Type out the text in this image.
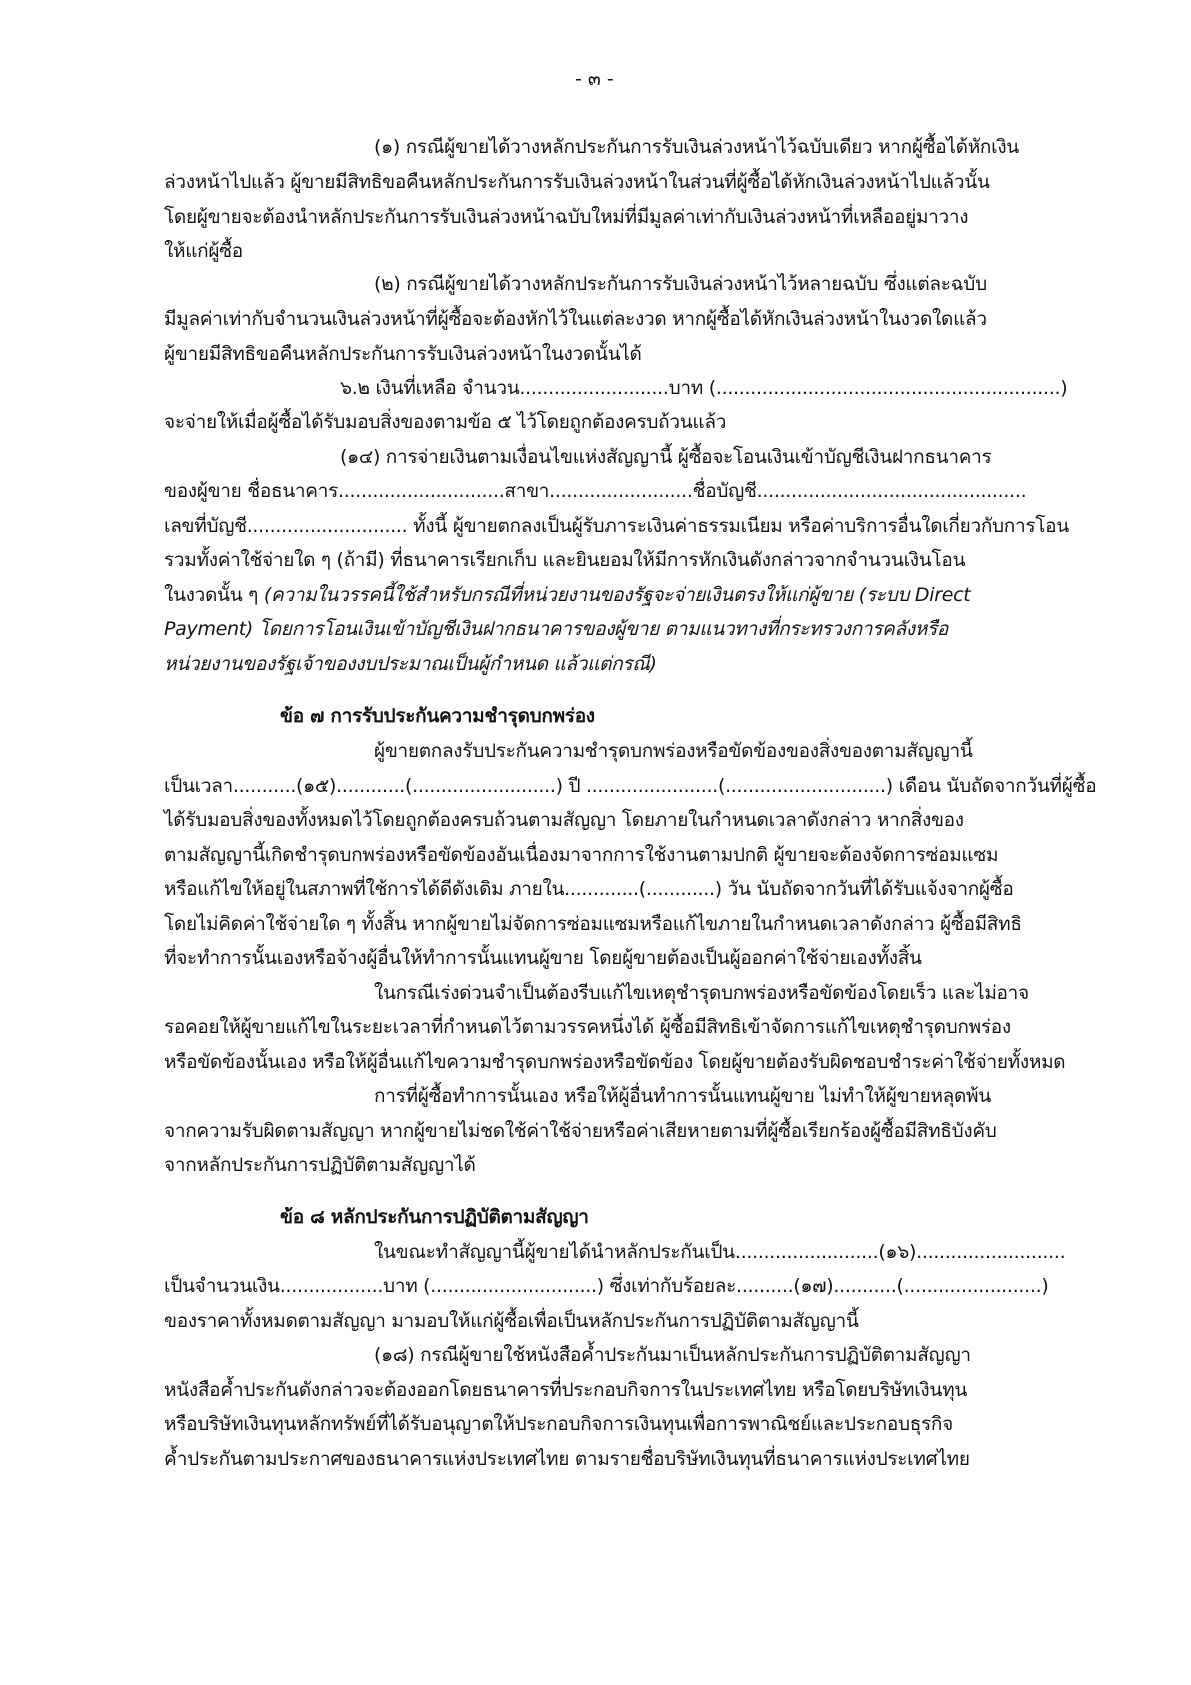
- ๓ -
(๑) กรณีผู้ขายได้วางหลักประกันการรับเงินล่วงหน้าไว้ฉบับเดียว หากผู้ซื้อได้หักเงิน
ล่วงหน้าไปแล้ว ผู้ขายมีสิทธิขอคืนหลักประกันการรับเงินล่วงหน้าในส่วนที่ผู้ซื้อได้หักเงินล่วงหน้าไปแล้วนั้น
โดยผู้ขายจะต้องนำหลักประกันการรับเงินล่วงหน้าฉบับใหม่ที่มีมูลค่าเท่ากับเงินล่วงหน้าที่เหลืออยู่มาวาง
ให้แก่ผู้ซื้อ
(๒) กรณีผู้ขายได้วางหลักประกันการรับเงินล่วงหน้าไว้หลายฉบับ ซึ่งแต่ละฉบับ
มีมูลค่าเท่ากับจำนวนเงินล่วงหน้าที่ผู้ซื้อจะต้องหักไว้ในแต่ละงวด หากผู้ซื้อได้หักเงินล่วงหน้าในงวดใดแล้ว
ผู้ขายมีสิทธิขอคืนหลักประกันการรับเงินล่วงหน้าในงวดนั้นได้
๖.๒ เงินที่เหลือ จำนวน..........................บาท (............................................................)
จะจ่ายให้เมื่อผู้ซื้อได้รับมอบสิ่งของตามข้อ ๕ ไว้โดยถูกต้องครบถ้วนแล้ว
(๑๔) การจ่ายเงินตามเงื่อนไขแห่งสัญญานี้ ผู้ซื้อจะโอนเงินเข้าบัญชีเงินฝากธนาคาร
ของผู้ขาย ชื่อธนาคาร.............................สาขา.........................ชื่อบัญชี...............................................
เลขที่บัญชี............................ ทั้งนี้ ผู้ขายตกลงเป็นผู้รับภาระเงินค่าธรรมเนียม หรือค่าบริการอื่นใดเกี่ยวกับการโอน
รวมทั้งค่าใช้จ่ายใด ๆ (ถ้ามี) ที่ธนาคารเรียกเก็บ และยินยอมให้มีการหักเงินดังกล่าวจากจำนวนเงินโอน
ในงวดนั้น ๆ (ความในวรรคนี้ใช้สำหรับกรณีที่หน่วยงานของรัฐจะจ่ายเงินตรงให้แก่ผู้ขาย (ระบบ Direct
Payment) โดยการโอนเงินเข้าบัญชีเงินฝากธนาคารของผู้ขาย ตามแนวทางที่กระทรวงการคลังหรือ
หน่วยงานของรัฐเจ้าของงบประมาณเป็นผู้กำหนด แล้วแต่กรณี)
ข้อ ๗ การรับประกันความชำรุดบกพร่อง
ผู้ขายตกลงรับประกันความชำรุดบกพร่องหรือขัดข้องของสิ่งของตามสัญญานี้
เป็นเวลา...........(๑๕)............(.........................) ปี .......................(............................) เดือน นับถัดจากวันที่ผู้ซื้อ
ได้รับมอบสิ่งของทั้งหมดไว้โดยถูกต้องครบถ้วนตามสัญญา โดยภายในกำหนดเวลาดังกล่าว หากสิ่งของ
ตามสัญญานี้เกิดชำรุดบกพร่องหรือขัดข้องอันเนื่องมาจากการใช้งานตามปกติ ผู้ขายจะต้องจัดการซ่อมแซม
หรือแก้ไขให้อยู่ในสภาพที่ใช้การได้ดีดังเดิม ภายใน.............(............) วัน นับถัดจากวันที่ได้รับแจ้งจากผู้ซื้อ
โดยไม่คิดค่าใช้จ่ายใด ๆ ทั้งสิ้น หากผู้ขายไม่จัดการซ่อมแซมหรือแก้ไขภายในกำหนดเวลาดังกล่าว ผู้ซื้อมีสิทธิ
ที่จะทำการนั้นเองหรือจ้างผู้อื่นให้ทำการนั้นแทนผู้ขาย โดยผู้ขายต้องเป็นผู้ออกค่าใช้จ่ายเองทั้งสิ้น
ในกรณีเร่งด่วนจำเป็นต้องรีบแก้ไขเหตุชำรุดบกพร่องหรือขัดข้องโดยเร็ว และไม่อาจ
รอคอยให้ผู้ขายแก้ไขในระยะเวลาที่กำหนดไว้ตามวรรคหนึ่งได้ ผู้ซื้อมีสิทธิเข้าจัดการแก้ไขเหตุชำรุดบกพร่อง
หรือขัดข้องนั้นเอง หรือให้ผู้อื่นแก้ไขความชำรุดบกพร่องหรือขัดข้อง โดยผู้ขายต้องรับผิดชอบชำระค่าใช้จ่ายทั้งหมด
การที่ผู้ซื้อทำการนั้นเอง หรือให้ผู้อื่นทำการนั้นแทนผู้ขาย ไม่ทำให้ผู้ขายหลุดพ้น
จากความรับผิดตามสัญญา หากผู้ขายไม่ชดใช้ค่าใช้จ่ายหรือค่าเสียหายตามที่ผู้ซื้อเรียกร้องผู้ซื้อมีสิทธิบังคับ
จากหลักประกันการปฏิบัติตามสัญญาได้
ข้อ ๘ หลักประกันการปฏิบัติตามสัญญา
ในขณะทำสัญญานี้ผู้ขายได้นำหลักประกันเป็น.........................(๑๖)..........................
เป็นจำนวนเงิน..................บาท (.............................) ซึ่งเท่ากับร้อยละ..........(๑๗)...........(........................)
ของราคาทั้งหมดตามสัญญา มามอบให้แก่ผู้ซื้อเพื่อเป็นหลักประกันการปฏิบัติตามสัญญานี้
(๑๘) กรณีผู้ขายใช้หนังสือค้ำประกันมาเป็นหลักประกันการปฏิบัติตามสัญญา
หนังสือค้ำประกันดังกล่าวจะต้องออกโดยธนาคารที่ประกอบกิจการในประเทศไทย หรือโดยบริษัทเงินทุน
หรือบริษัทเงินทุนหลักทรัพย์ที่ได้รับอนุญาตให้ประกอบกิจการเงินทุนเพื่อการพาณิชย์และประกอบธุรกิจ
ค้ำประกันตามประกาศของธนาคารแห่งประเทศไทย ตามรายชื่อบริษัทเงินทุนที่ธนาคารแห่งประเทศไทย
